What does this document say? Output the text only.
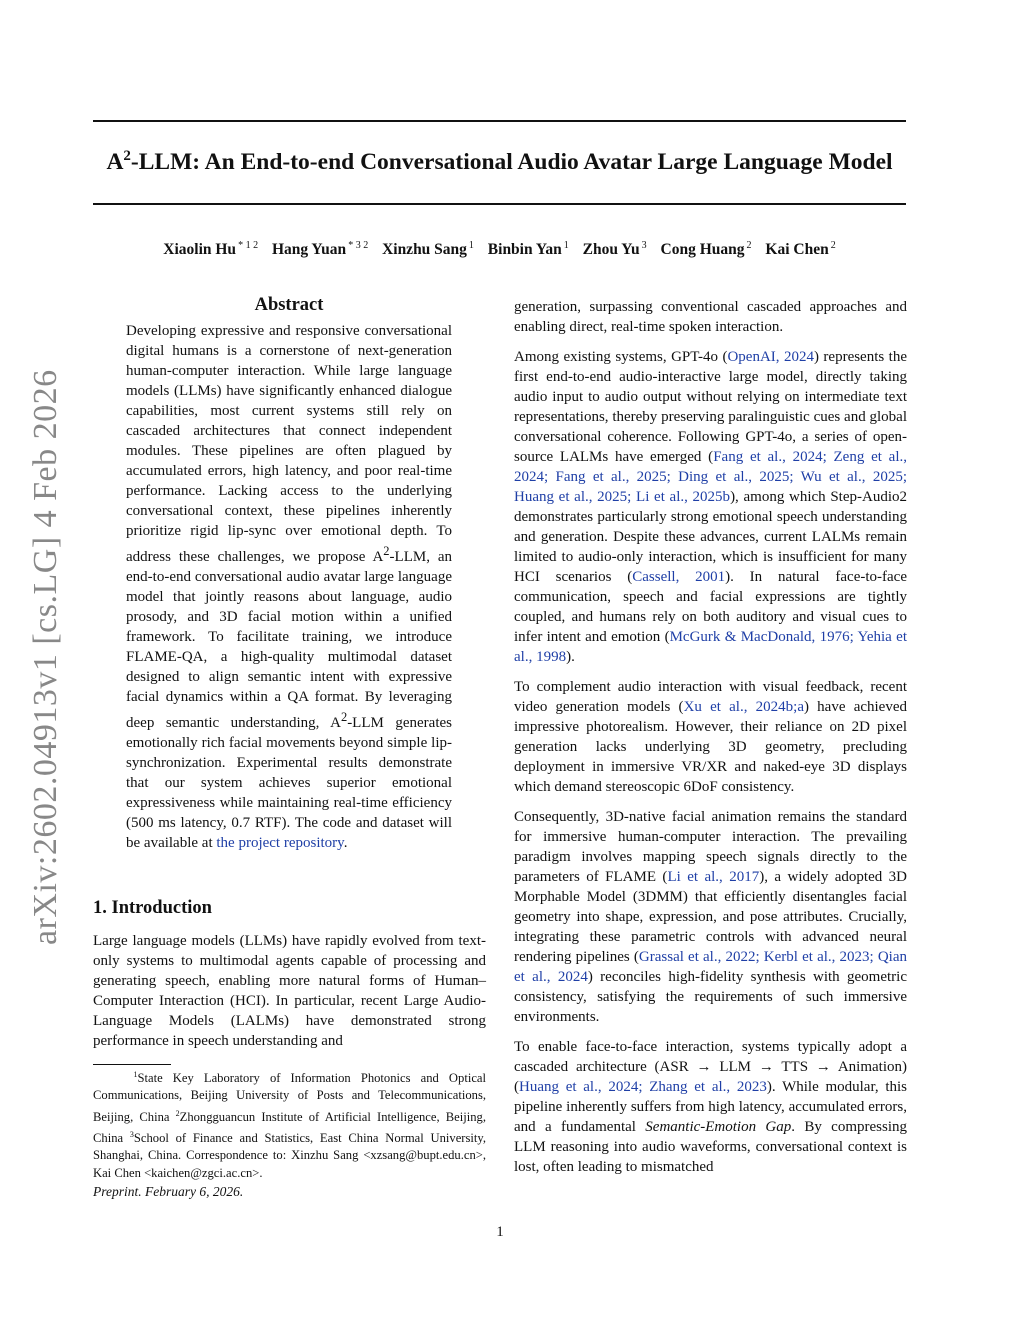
arXiv:2602.04913v1 [cs.LG] 4 Feb 2026
$A^2$-LLM: An End-to-end Conversational Audio Avatar Large Language Model
Xiaolin Hu $^{* 1 2}$ Hang Yuan $^{* 3 2}$ Xinzhu Sang $^1$ Binbin Yan $^1$ Zhou Yu $^3$ Cong Huang $^2$ Kai Chen $^2$
Abstract
Developing expressive and responsive conversational digital humans is a cornerstone of next-generation human-computer interaction. While large language models (LLMs) have significantly enhanced dialogue capabilities, most current systems still rely on cascaded architectures that connect independent modules. These pipelines are often plagued by accumulated errors, high latency, and poor real-time performance. Lacking access to the underlying conversational context, these pipelines inherently prioritize rigid lip-sync over emotional depth. To address these challenges, we propose $A^2$-LLM, an end-to-end conversational audio avatar large language model that jointly reasons about language, audio prosody, and 3D facial motion within a unified framework. To facilitate training, we introduce FLAME-QA, a high-quality multimodal dataset designed to align semantic intent with expressive facial dynamics within a QA format. By leveraging deep semantic understanding, $A^2$-LLM generates emotionally rich facial movements beyond simple lip-synchronization. Experimental results demonstrate that our system achieves superior emotional expressiveness while maintaining real-time efficiency (500 ms latency, 0.7 RTF). The code and dataset will be available at the project repository.
1. Introduction
Large language models (LLMs) have rapidly evolved from text-only systems to multimodal agents capable of processing and generating speech, enabling more natural forms of Human–Computer Interaction (HCI). In particular, recent Large Audio-Language Models (LALMs) have demonstrated strong performance in speech understanding and
$^1$State Key Laboratory of Information Photonics and Optical Communications, Beijing University of Posts and Telecommunications, Beijing, China $^2$Zhongguancun Institute of Artificial Intelligence, Beijing, China $^3$School of Finance and Statistics, East China Normal University, Shanghai, China. Correspondence to: Xinzhu Sang <xzsang@bupt.edu.cn>, Kai Chen <kaichen@zgci.ac.cn>.
Preprint. February 6, 2026.

generation, surpassing conventional cascaded approaches and enabling direct, real-time spoken interaction.

Among existing systems, GPT-4o (OpenAI, 2024) represents the first end-to-end audio-interactive large model, directly taking audio input to audio output without relying on intermediate text representations, thereby preserving paralinguistic cues and global conversational coherence. Following GPT-4o, a series of open-source LALMs have emerged (Fang et al., 2024; Zeng et al., 2024; Fang et al., 2025; Ding et al., 2025; Wu et al., 2025; Huang et al., 2025; Li et al., 2025b), among which Step-Audio2 demonstrates particularly strong emotional speech understanding and generation. Despite these advances, current LALMs remain limited to audio-only interaction, which is insufficient for many HCI scenarios (Cassell, 2001). In natural face-to-face communication, speech and facial expressions are tightly coupled, and humans rely on both auditory and visual cues to infer intent and emotion (McGurk & MacDonald, 1976; Yehia et al., 1998).

To complement audio interaction with visual feedback, recent video generation models (Xu et al., 2024b;a) have achieved impressive photorealism. However, their reliance on 2D pixel generation lacks underlying 3D geometry, precluding deployment in immersive VR/XR and naked-eye 3D displays which demand stereoscopic 6DoF consistency.

Consequently, 3D-native facial animation remains the standard for immersive human-computer interaction. The prevailing paradigm involves mapping speech signals directly to the parameters of FLAME (Li et al., 2017), a widely adopted 3D Morphable Model (3DMM) that efficiently disentangles facial geometry into shape, expression, and pose attributes. Crucially, integrating these parametric controls with advanced neural rendering pipelines (Grassal et al., 2022; Kerbl et al., 2023; Qian et al., 2024) reconciles high-fidelity synthesis with geometric consistency, satisfying the requirements of such immersive environments.

To enable face-to-face interaction, systems typically adopt a cascaded architecture (ASR → LLM → TTS → Animation) (Huang et al., 2024; Zhang et al., 2023). While modular, this pipeline inherently suffers from high latency, accumulated errors, and a fundamental Semantic-Emotion Gap. By compressing LLM reasoning into audio waveforms, conversational context is lost, often leading to mismatched

1
